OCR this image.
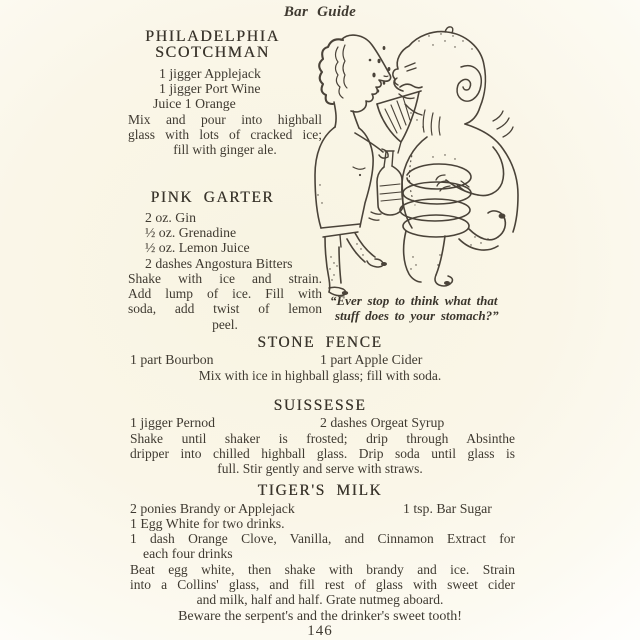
Bar Guide
PHILADELPHIA
SCOTCHMAN
1 jigger Applejack
1 jigger Port Wine
Juice 1 Orange
Mix and pour into highball
glass with lots of cracked ice;
fill with ginger ale.
PINK GARTER
2 oz. Gin
½ oz. Grenadine
½ oz. Lemon Juice
2 dashes Angostura Bitters
Shake with ice and strain.
Add lump of ice. Fill with
soda, add twist of lemon
peel.
“Ever stop to think what that
stuff does to your stomach?”
STONE FENCE
1 part Bourbon	1 part Apple Cider
Mix with ice in highball glass; fill with soda.
SUISSESSE
1 jigger Pernod	2 dashes Orgeat Syrup
Shake until shaker is frosted; drip through Absinthe
dripper into chilled highball glass. Drip soda until glass is
full. Stir gently and serve with straws.
TIGER'S MILK
2 ponies Brandy or Applejack	1 tsp. Bar Sugar
1 Egg White for two drinks.
1 dash Orange Clove, Vanilla, and Cinnamon Extract for
each four drinks
Beat egg white, then shake with brandy and ice. Strain
into a Collins' glass, and fill rest of glass with sweet cider
and milk, half and half. Grate nutmeg aboard.
Beware the serpent's and the drinker's sweet tooth!
146
